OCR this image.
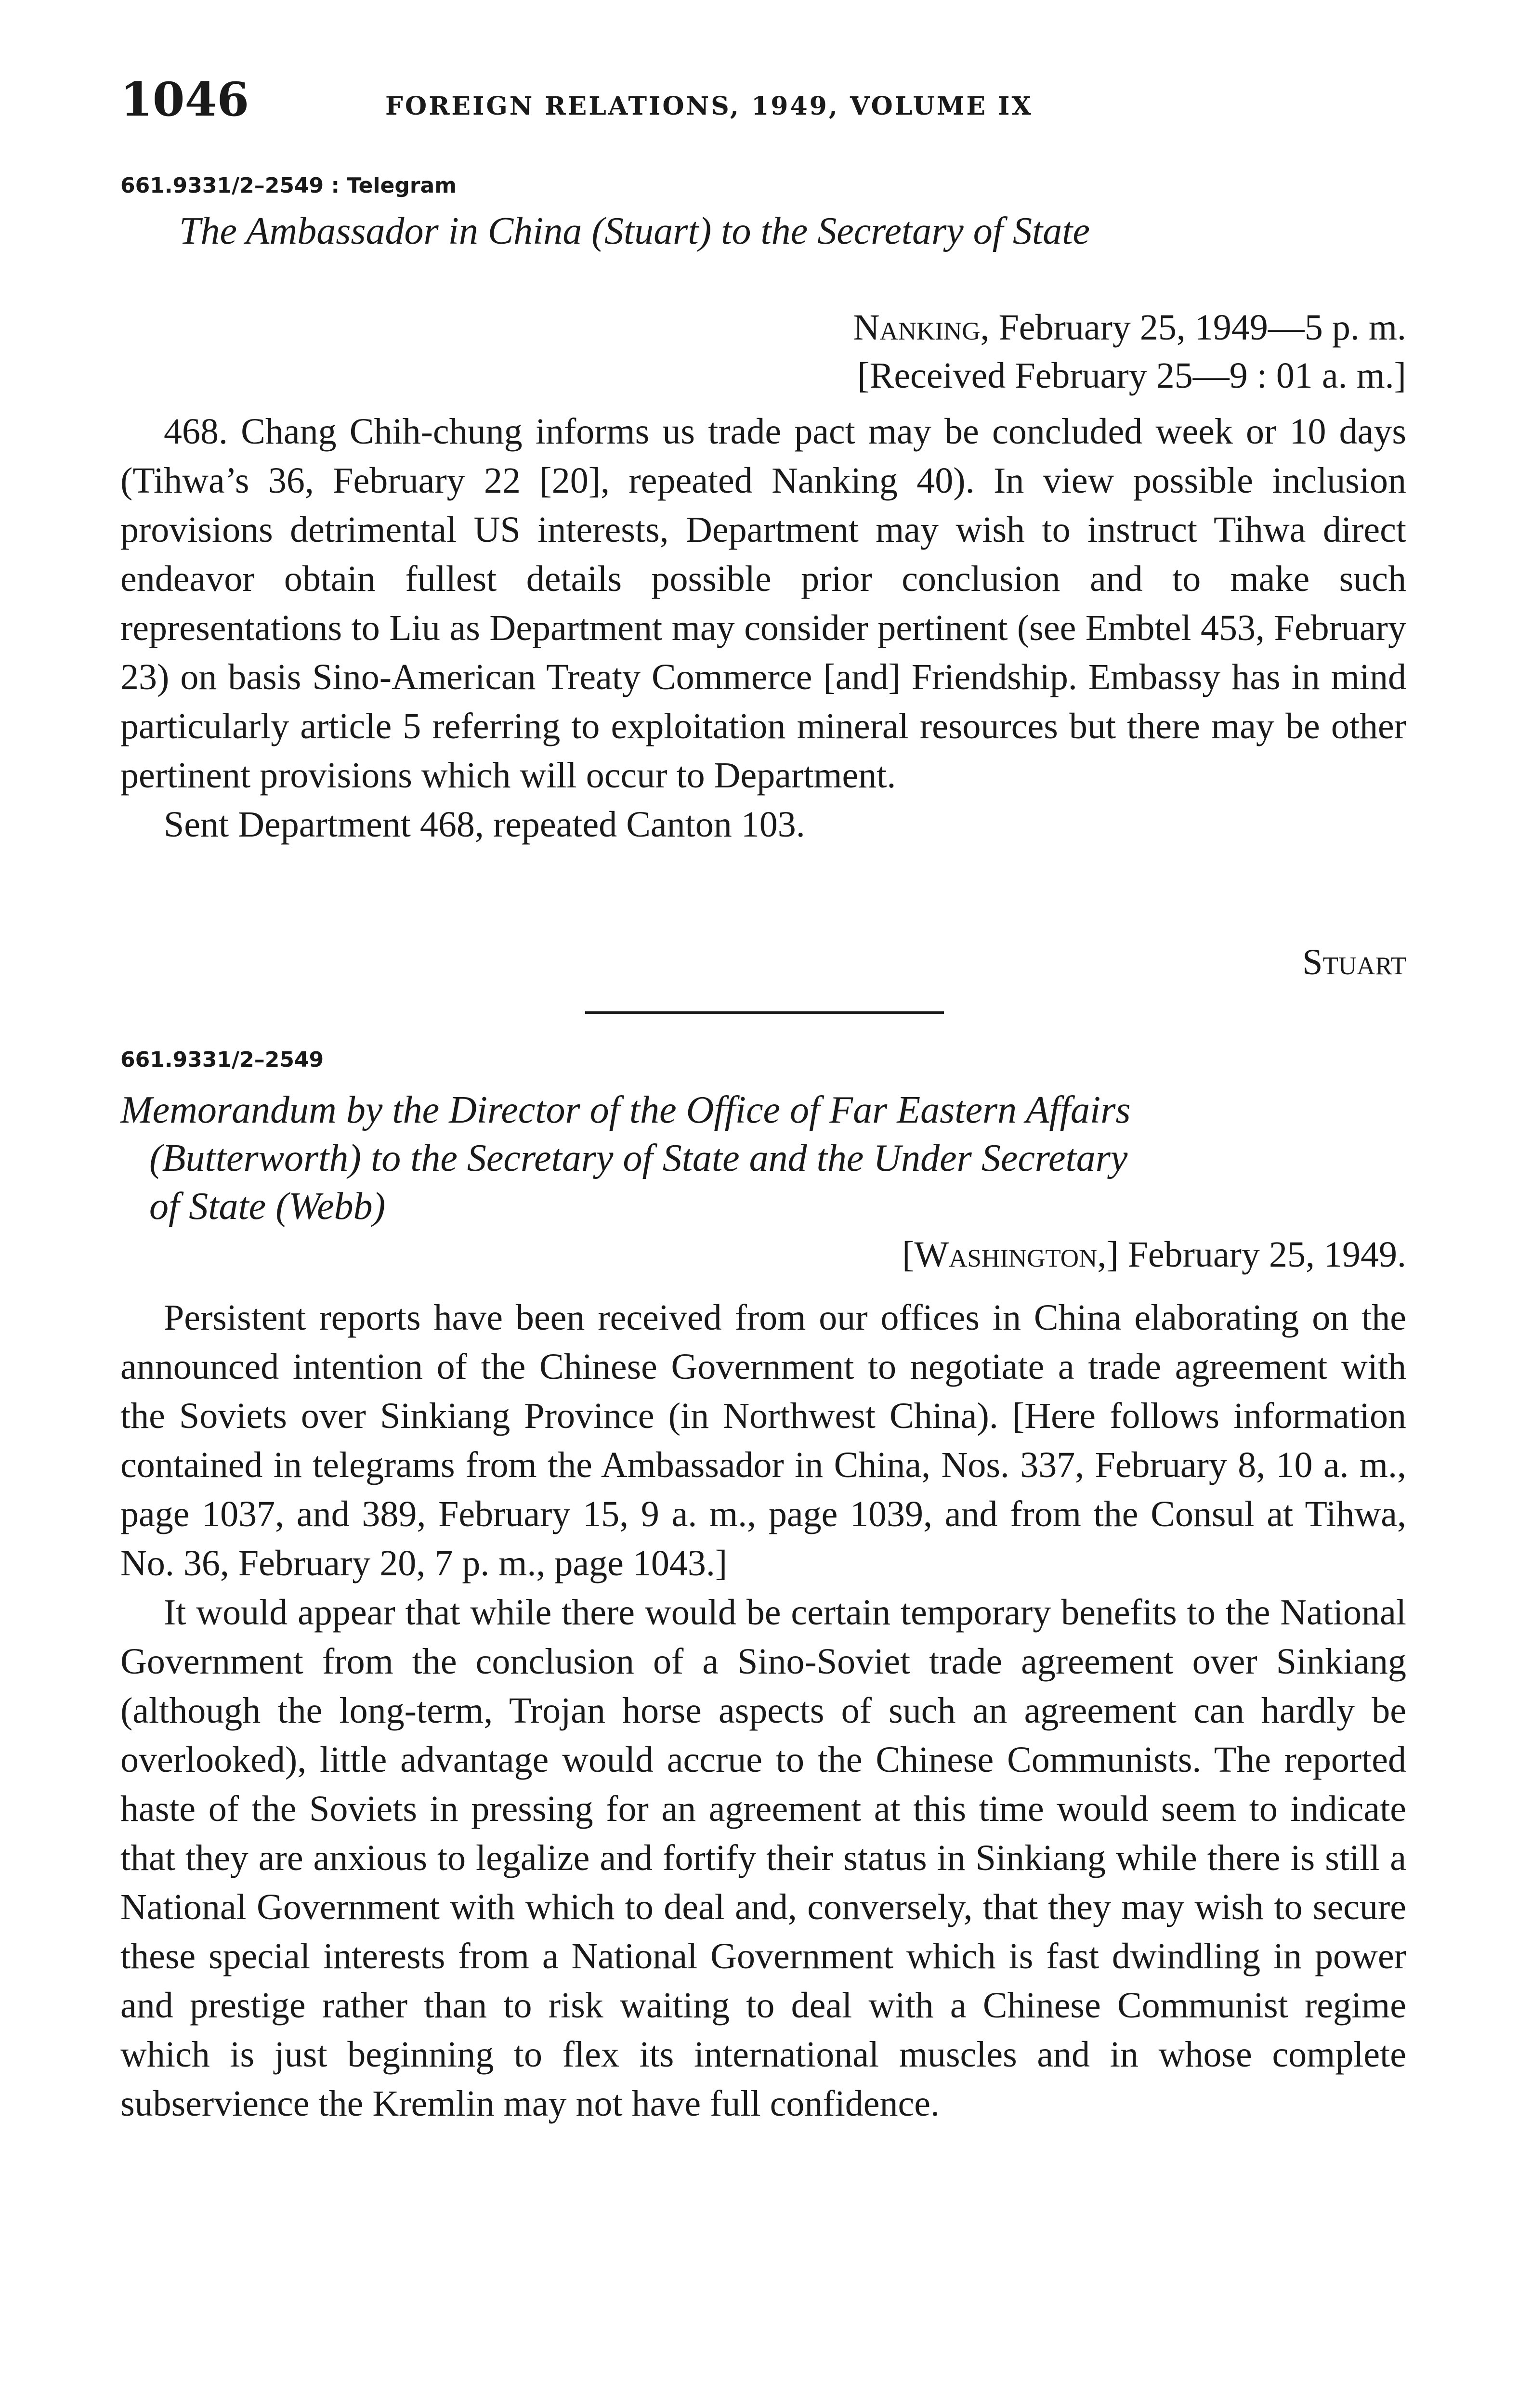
1046	FOREIGN RELATIONS, 1949, VOLUME IX
661.9331/2–2549 : Telegram
The Ambassador in China (Stuart) to the Secretary of State
Nanking, February 25, 1949—5 p. m.
[Received February 25—9 : 01 a. m.]

468. Chang Chih-chung informs us trade pact may be concluded week or 10 days (Tihwa’s 36, February 22 [20], repeated Nanking 40). In view possible inclusion provisions detrimental US interests, Department may wish to instruct Tihwa direct endeavor obtain fullest details possible prior conclusion and to make such representations to Liu as Department may consider pertinent (see Embtel 453, February 23) on basis Sino-American Treaty Commerce [and] Friendship. Embassy has in mind particularly article 5 referring to exploitation mineral resources but there may be other pertinent provisions which will occur to Department.

Sent Department 468, repeated Canton 103.

Stuart
661.9331/2–2549
Memorandum by the Director of the Office of Far Eastern Affairs
(Butterworth) to the Secretary of State and the Under Secretary
of State (Webb)
[Washington,] February 25, 1949.

Persistent reports have been received from our offices in China elaborating on the announced intention of the Chinese Government to negotiate a trade agreement with the Soviets over Sinkiang Province (in Northwest China). [Here follows information contained in telegrams from the Ambassador in China, Nos. 337, February 8, 10 a. m., page 1037, and 389, February 15, 9 a. m., page 1039, and from the Consul at Tihwa, No. 36, February 20, 7 p. m., page 1043.]

It would appear that while there would be certain temporary benefits to the National Government from the conclusion of a Sino-Soviet trade agreement over Sinkiang (although the long-term, Trojan horse aspects of such an agreement can hardly be overlooked), little advantage would accrue to the Chinese Communists. The reported haste of the Soviets in pressing for an agreement at this time would seem to indicate that they are anxious to legalize and fortify their status in Sinkiang while there is still a National Government with which to deal and, conversely, that they may wish to secure these special interests from a National Government which is fast dwindling in power and prestige rather than to risk waiting to deal with a Chinese Communist regime which is just beginning to flex its international muscles and in whose complete subservience the Kremlin may not have full confidence.
